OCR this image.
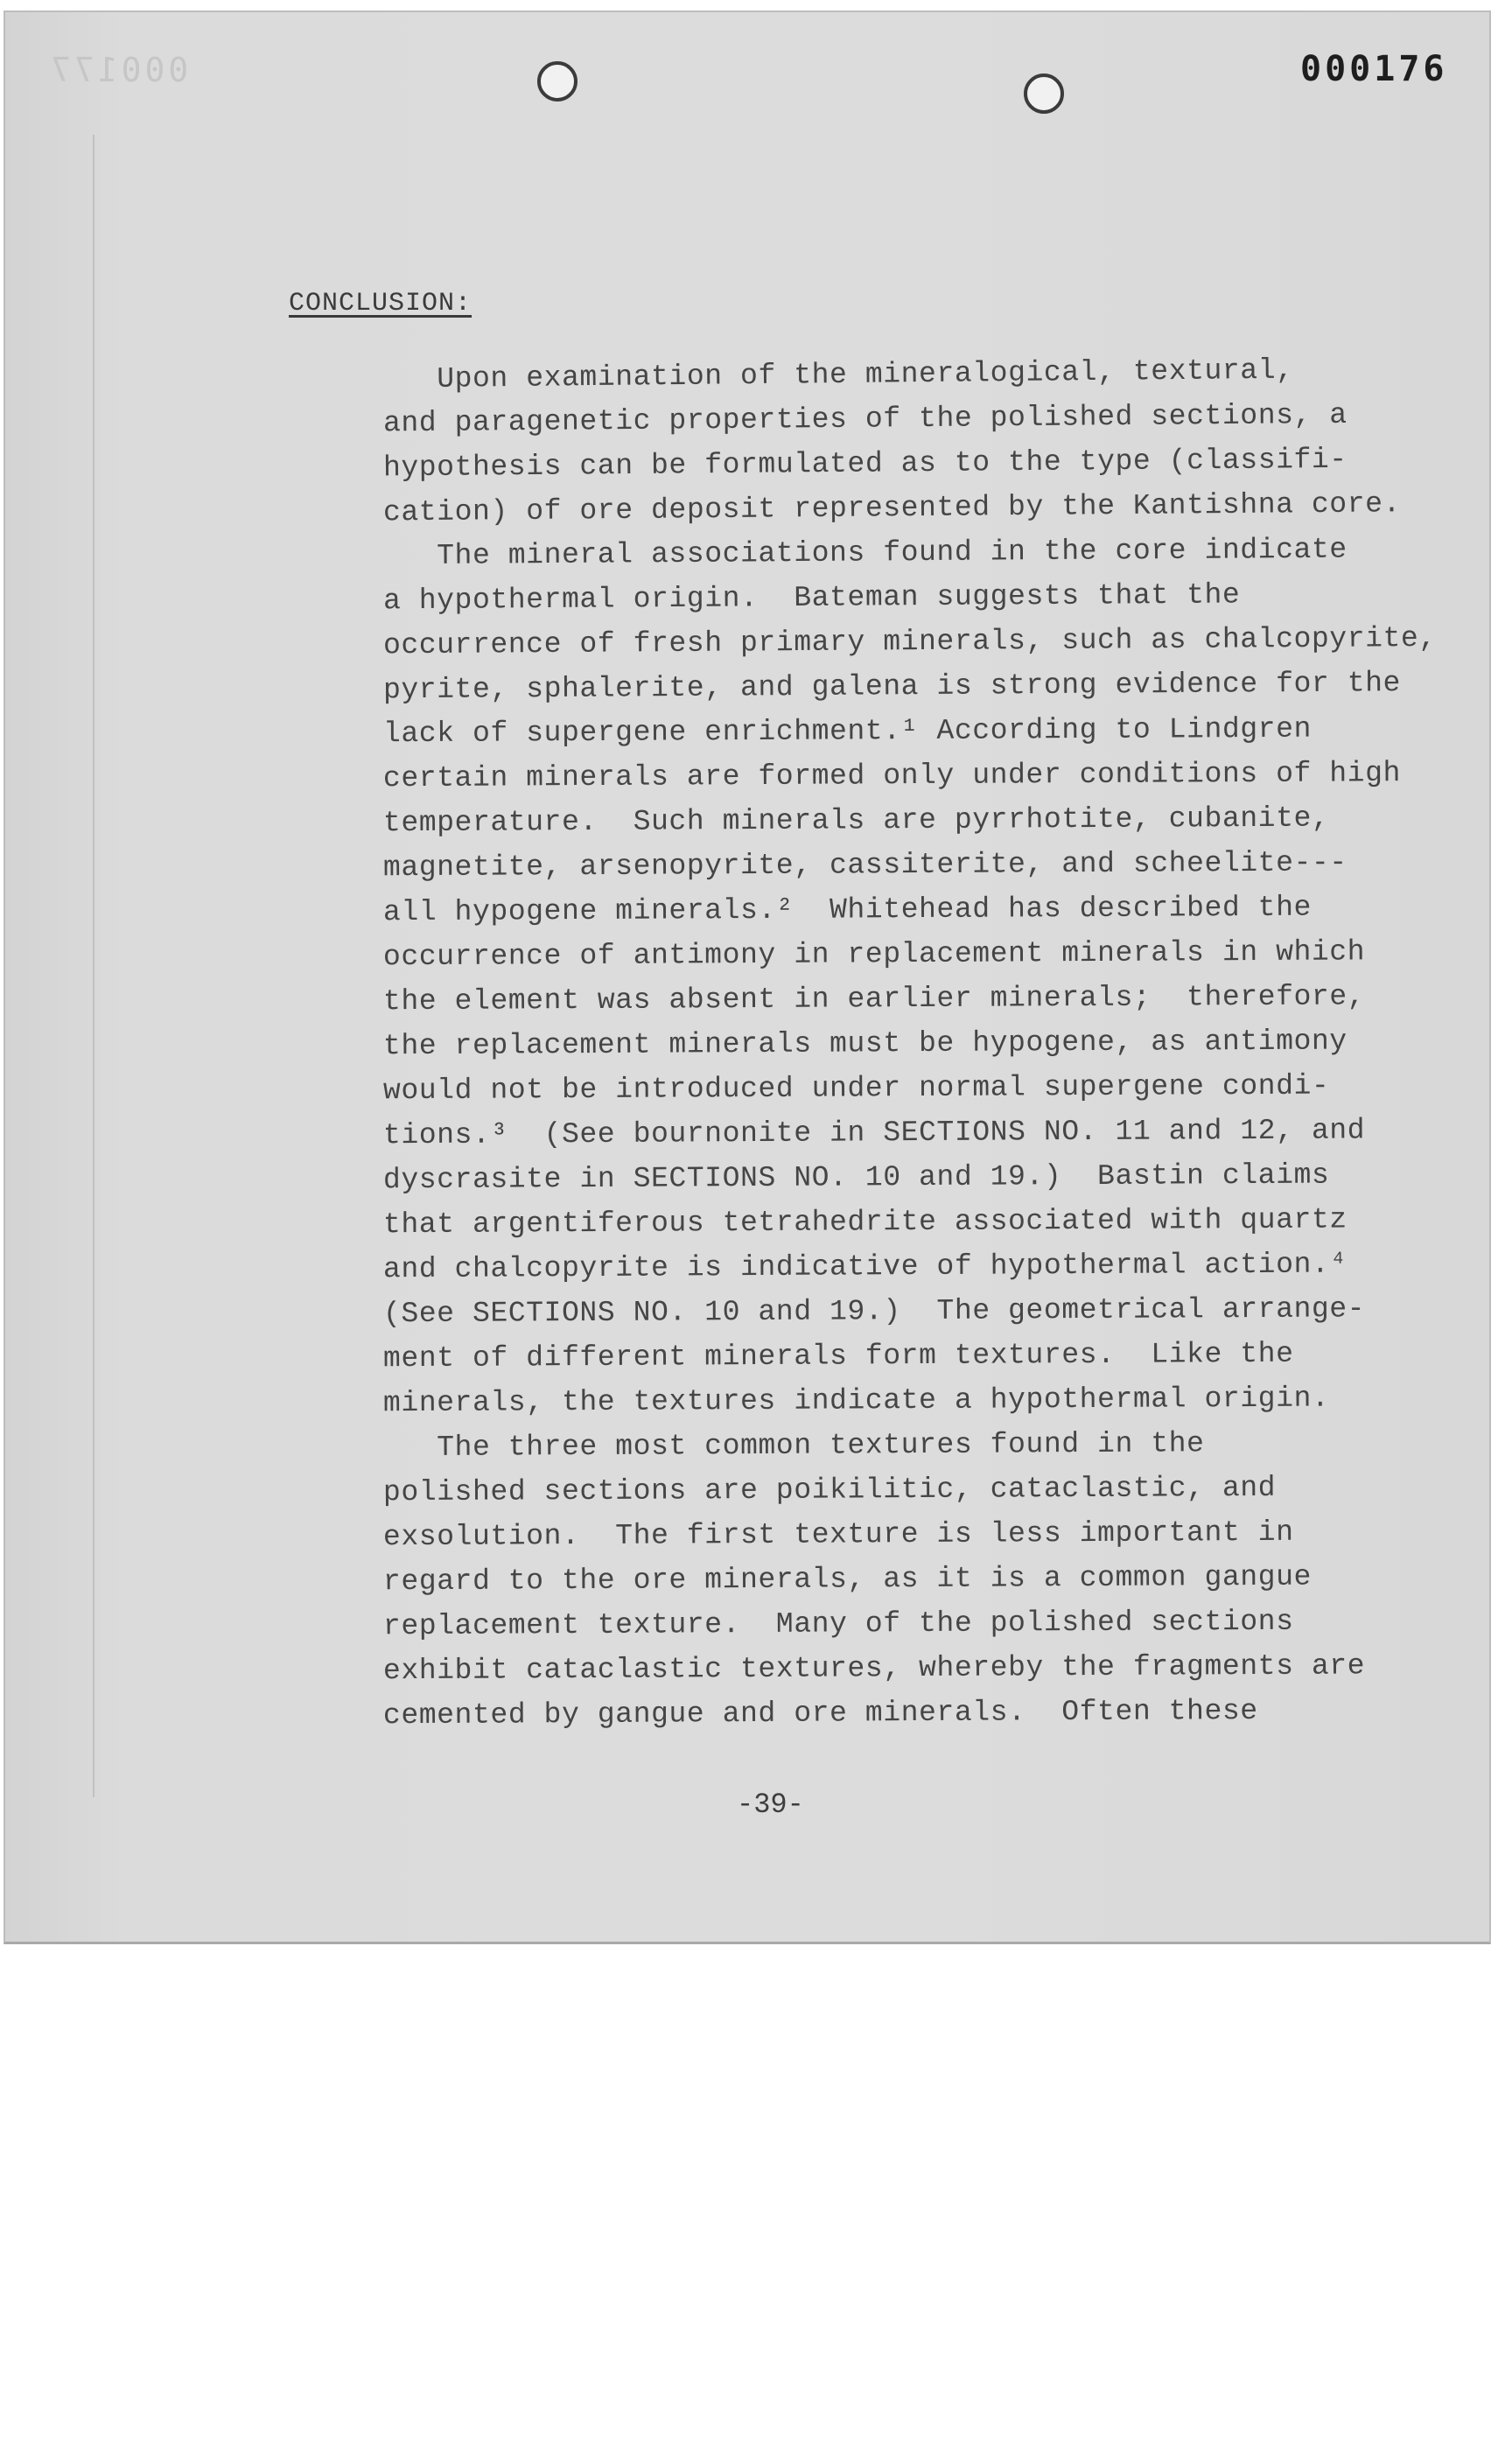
000177	000176
CONCLUSION:
Upon examination of the mineralogical, textural,
and paragenetic properties of the polished sections, a
hypothesis can be formulated as to the type (classifi-
cation) of ore deposit represented by the Kantishna core.
The mineral associations found in the core indicate
a hypothermal origin.  Bateman suggests that the
occurrence of fresh primary minerals, such as chalcopyrite,
pyrite, sphalerite, and galena is strong evidence for the
lack of supergene enrichment.¹ According to Lindgren
certain minerals are formed only under conditions of high
temperature.  Such minerals are pyrrhotite, cubanite,
magnetite, arsenopyrite, cassiterite, and scheelite---
all hypogene minerals.²  Whitehead has described the
occurrence of antimony in replacement minerals in which
the element was absent in earlier minerals;  therefore,
the replacement minerals must be hypogene, as antimony
would not be introduced under normal supergene condi-
tions.³  (See bournonite in SECTIONS NO. 11 and 12, and
dyscrasite in SECTIONS NO. 10 and 19.)  Bastin claims
that argentiferous tetrahedrite associated with quartz
and chalcopyrite is indicative of hypothermal action.⁴
(See SECTIONS NO. 10 and 19.)  The geometrical arrange-
ment of different minerals form textures.  Like the
minerals, the textures indicate a hypothermal origin.
The three most common textures found in the
polished sections are poikilitic, cataclastic, and
exsolution.  The first texture is less important in
regard to the ore minerals, as it is a common gangue
replacement texture.  Many of the polished sections
exhibit cataclastic textures, whereby the fragments are
cemented by gangue and ore minerals.  Often these
-39-
